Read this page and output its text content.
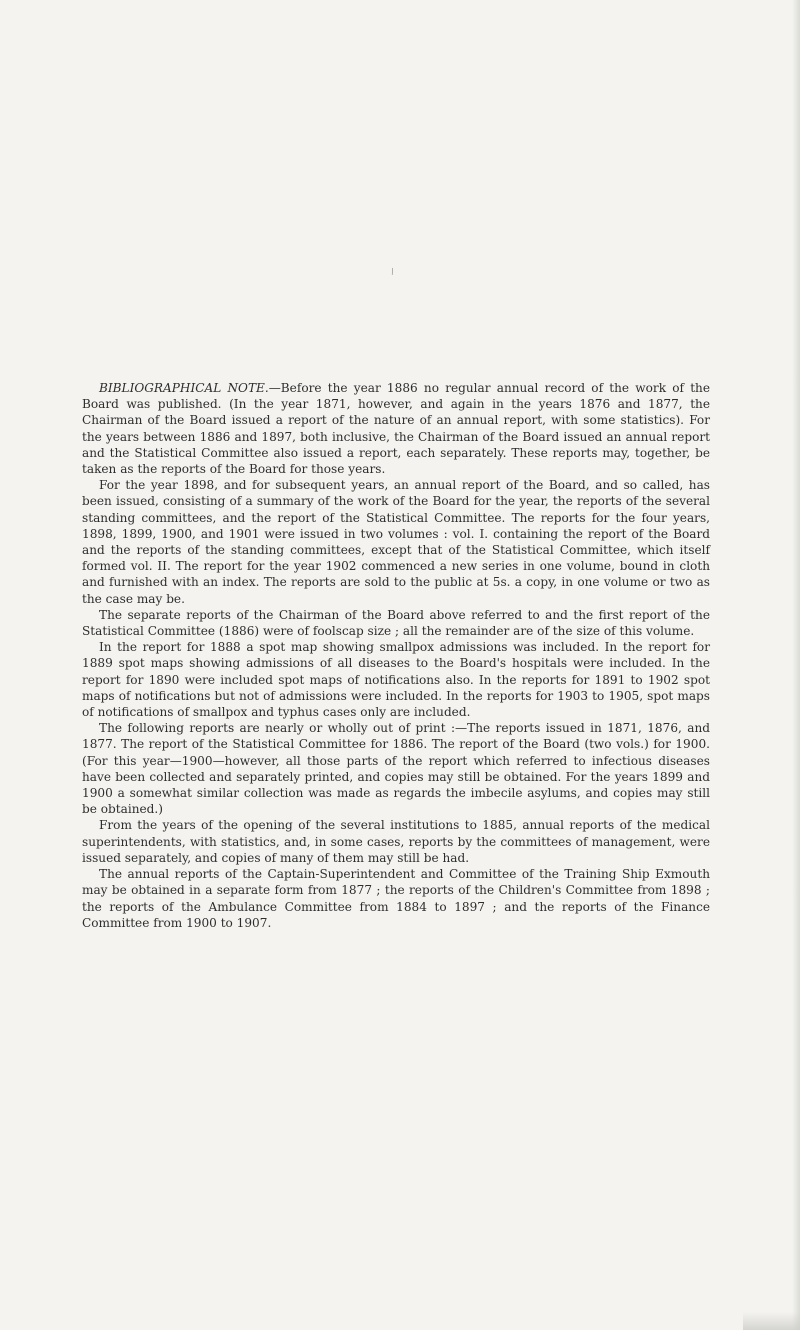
\

BIBLIOGRAPHICAL NOTE.—Before the year 1886 no regular annual record of the work of the Board was published. (In the year 1871, however, and again in the years 1876 and 1877, the Chairman of the Board issued a report of the nature of an annual report, with some statistics). For the years between 1886 and 1897, both inclusive, the Chairman of the Board issued an annual report and the Statistical Committee also issued a report, each separately. These reports may, together, be taken as the reports of the Board for those years.

For the year 1898, and for subsequent years, an annual report of the Board, and so called, has been issued, consisting of a summary of the work of the Board for the year, the reports of the several standing committees, and the report of the Statistical Committee. The reports for the four years, 1898, 1899, 1900, and 1901 were issued in two volumes : vol. I. containing the report of the Board and the reports of the standing committees, except that of the Statistical Committee, which itself formed vol. II. The report for the year 1902 commenced a new series in one volume, bound in cloth and furnished with an index. The reports are sold to the public at 5s. a copy, in one volume or two as the case may be.

The separate reports of the Chairman of the Board above referred to and the first report of the Statistical Committee (1886) were of foolscap size ; all the remainder are of the size of this volume.

In the report for 1888 a spot map showing smallpox admissions was included. In the report for 1889 spot maps showing admissions of all diseases to the Board's hospitals were included. In the report for 1890 were included spot maps of notifications also. In the reports for 1891 to 1902 spot maps of notifications but not of admissions were included. In the reports for 1903 to 1905, spot maps of notifications of smallpox and typhus cases only are included.

The following reports are nearly or wholly out of print :—The reports issued in 1871, 1876, and 1877. The report of the Statistical Committee for 1886. The report of the Board (two vols.) for 1900. (For this year—1900—however, all those parts of the report which referred to infectious diseases have been collected and separately printed, and copies may still be obtained. For the years 1899 and 1900 a somewhat similar collection was made as regards the imbecile asylums, and copies may still be obtained.)

From the years of the opening of the several institutions to 1885, annual reports of the medical superintendents, with statistics, and, in some cases, reports by the committees of management, were issued separately, and copies of many of them may still be had.

The annual reports of the Captain-Superintendent and Committee of the Training Ship Exmouth may be obtained in a separate form from 1877 ; the reports of the Children's Committee from 1898 ; the reports of the Ambulance Committee from 1884 to 1897 ; and the reports of the Finance Committee from 1900 to 1907.
